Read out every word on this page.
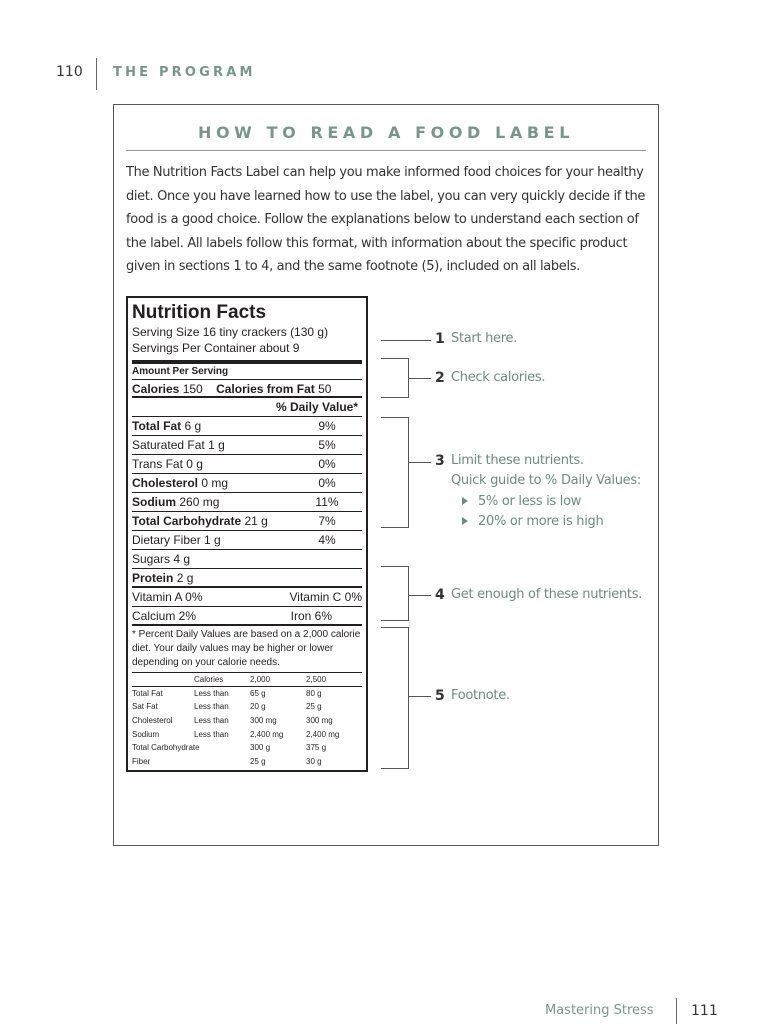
110 THE PROGRAM
HOW TO READ A FOOD LABEL
The Nutrition Facts Label can help you make informed food choices for your healthy diet. Once you have learned how to use the label, you can very quickly decide if the food is a good choice. Follow the explanations below to understand each section of the label. All labels follow this format, with information about the specific product given in sections 1 to 4, and the same footnote (5), included on all labels.
Nutrition Facts
Serving Size 16 tiny crackers (130 g)
Servings Per Container about 9
Amount Per Serving
Calories 150 Calories from Fat 50
% Daily Value*
Total Fat 6 g	9%
Saturated Fat 1 g	5%
Trans Fat 0 g	0%
Cholesterol 0 mg	0%
Sodium 260 mg	11%
Total Carbohydrate 21 g	7%
Dietary Fiber 1 g	4%
Sugars 4 g
Protein 2 g
Vitamin A 0%	Vitamin C 0%
Calcium 2%	Iron 6%
* Percent Daily Values are based on a 2,000 calorie diet. Your daily values may be higher or lower depending on your calorie needs.
	Calories	2,000	2,500
Total Fat	Less than	65 g	80 g
Sat Fat	Less than	20 g	25 g
Cholesterol	Less than	300 mg	300 mg
Sodium	Less than	2,400 mg	2,400 mg
Total Carbohydrate		300 g	375 g
Fiber		25 g	30 g
1 Start here.
2 Check calories.
3 Limit these nutrients.
Quick guide to % Daily Values:
5% or less is low
20% or more is high
4 Get enough of these nutrients.
5 Footnote.
Mastering Stress	111
